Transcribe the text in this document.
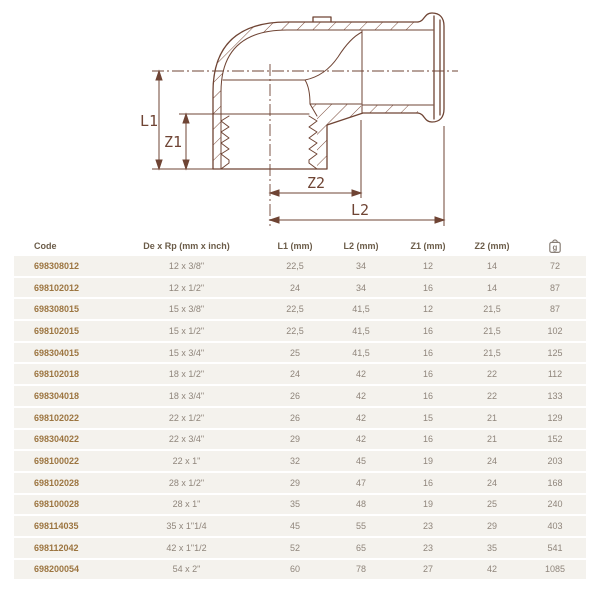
L1
Z1
Z2
L2
Code	De x Rp (mm x inch)	L1 (mm)	L2 (mm)	Z1 (mm)	Z2 (mm)	g

698308012	12 x 3/8"	22,5	34	12	14	72
698102012	12 x 1/2"	24	34	16	14	87
698308015	15 x 3/8"	22,5	41,5	12	21,5	87
698102015	15 x 1/2"	22,5	41,5	16	21,5	102
698304015	15 x 3/4"	25	41,5	16	21,5	125
698102018	18 x 1/2"	24	42	16	22	112
698304018	18 x 3/4"	26	42	16	22	133
698102022	22 x 1/2"	26	42	15	21	129
698304022	22 x 3/4"	29	42	16	21	152
698100022	22 x 1"	32	45	19	24	203
698102028	28 x 1/2"	29	47	16	24	168
698100028	28 x 1"	35	48	19	25	240
698114035	35 x 1"1/4	45	55	23	29	403
698112042	42 x 1"1/2	52	65	23	35	541
698200054	54 x 2"	60	78	27	42	1085
